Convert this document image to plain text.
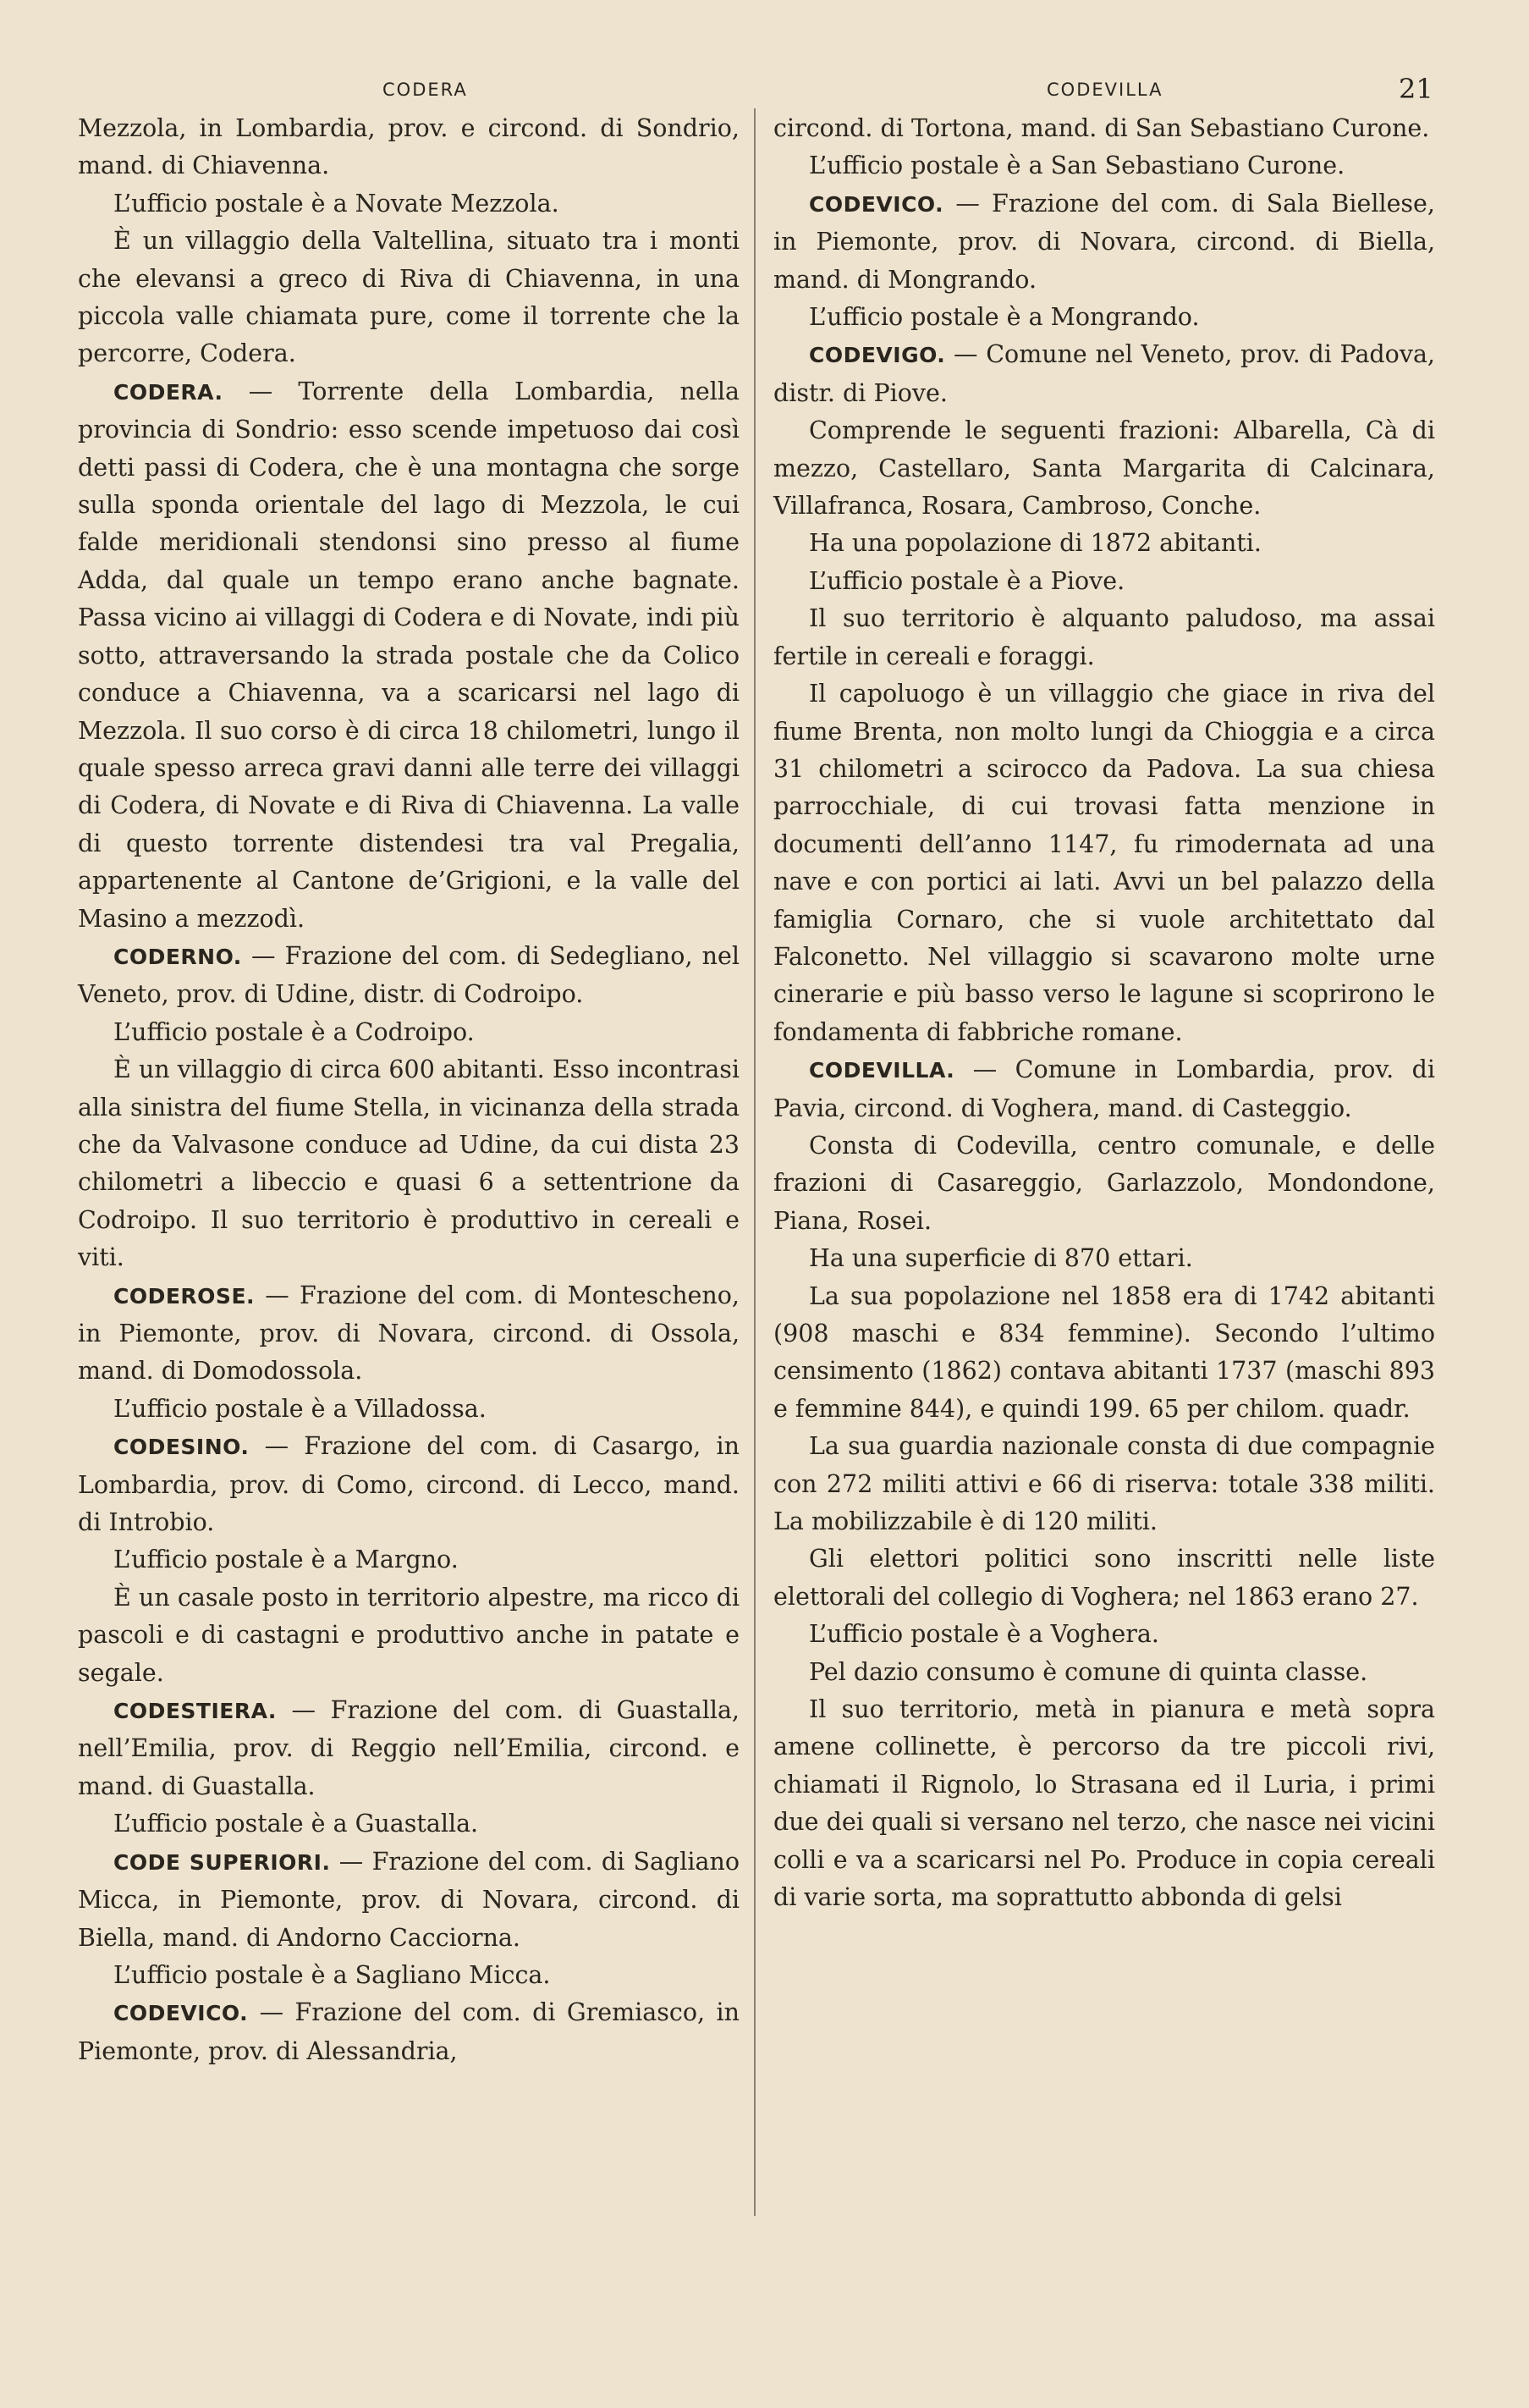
CODERA	CODEVILLA	21

Mezzola, in Lombardia, prov. e circond. di Sondrio, mand. di Chiavenna.

L’ufficio postale è a Novate Mezzola.

È un villaggio della Valtellina, situato tra i monti che elevansi a greco di Riva di Chiavenna, in una piccola valle chiamata pure, come il torrente che la percorre, Codera.

CODERA. — Torrente della Lombardia, nella provincia di Sondrio: esso scende impetuoso dai così detti passi di Codera, che è una montagna che sorge sulla sponda orientale del lago di Mezzola, le cui falde meridionali stendonsi sino presso al fiume Adda, dal quale un tempo erano anche bagnate. Passa vicino ai villaggi di Codera e di Novate, indi più sotto, attraversando la strada postale che da Colico conduce a Chiavenna, va a scaricarsi nel lago di Mezzola. Il suo corso è di circa 18 chilometri, lungo il quale spesso arreca gravi danni alle terre dei villaggi di Codera, di Novate e di Riva di Chiavenna. La valle di questo torrente distendesi tra val Pregalia, appartenente al Cantone de’Grigioni, e la valle del Masino a mezzodì.

CODERNO. — Frazione del com. di Sedegliano, nel Veneto, prov. di Udine, distr. di Codroipo.

L’ufficio postale è a Codroipo.

È un villaggio di circa 600 abitanti. Esso incontrasi alla sinistra del fiume Stella, in vicinanza della strada che da Valvasone conduce ad Udine, da cui dista 23 chilometri a libeccio e quasi 6 a settentrione da Codroipo. Il suo territorio è produttivo in cereali e viti.

CODEROSE. — Frazione del com. di Montescheno, in Piemonte, prov. di Novara, circond. di Ossola, mand. di Domodossola.

L’ufficio postale è a Villadossa.

CODESINO. — Frazione del com. di Casargo, in Lombardia, prov. di Como, circond. di Lecco, mand. di Introbio.

L’ufficio postale è a Margno.

È un casale posto in territorio alpestre, ma ricco di pascoli e di castagni e produttivo anche in patate e segale.

CODESTIERA. — Frazione del com. di Guastalla, nell’Emilia, prov. di Reggio nell’Emilia, circond. e mand. di Guastalla.

L’ufficio postale è a Guastalla.

CODE SUPERIORI. — Frazione del com. di Sagliano Micca, in Piemonte, prov. di Novara, circond. di Biella, mand. di Andorno Cacciorna.

L’ufficio postale è a Sagliano Micca.

CODEVICO. — Frazione del com. di Gremiasco, in Piemonte, prov. di Alessandria,

circond. di Tortona, mand. di San Sebastiano Curone.

L’ufficio postale è a San Sebastiano Curone.

CODEVICO. — Frazione del com. di Sala Biellese, in Piemonte, prov. di Novara, circond. di Biella, mand. di Mongrando.

L’ufficio postale è a Mongrando.

CODEVIGO. — Comune nel Veneto, prov. di Padova, distr. di Piove.

Comprende le seguenti frazioni: Albarella, Cà di mezzo, Castellaro, Santa Margarita di Calcinara, Villafranca, Rosara, Cambroso, Conche.

Ha una popolazione di 1872 abitanti.

L’ufficio postale è a Piove.

Il suo territorio è alquanto paludoso, ma assai fertile in cereali e foraggi.

Il capoluogo è un villaggio che giace in riva del fiume Brenta, non molto lungi da Chioggia e a circa 31 chilometri a scirocco da Padova. La sua chiesa parrocchiale, di cui trovasi fatta menzione in documenti dell’anno 1147, fu rimodernata ad una nave e con portici ai lati. Avvi un bel palazzo della famiglia Cornaro, che si vuole architettato dal Falconetto. Nel villaggio si scavarono molte urne cinerarie e più basso verso le lagune si scoprirono le fondamenta di fabbriche romane.

CODEVILLA. — Comune in Lombardia, prov. di Pavia, circond. di Voghera, mand. di Casteggio.

Consta di Codevilla, centro comunale, e delle frazioni di Casareggio, Garlazzolo, Mondondone, Piana, Rosei.

Ha una superficie di 870 ettari.

La sua popolazione nel 1858 era di 1742 abitanti (908 maschi e 834 femmine). Secondo l’ultimo censimento (1862) contava abitanti 1737 (maschi 893 e femmine 844), e quindi 199. 65 per chilom. quadr.

La sua guardia nazionale consta di due compagnie con 272 militi attivi e 66 di riserva: totale 338 militi. La mobilizzabile è di 120 militi.

Gli elettori politici sono inscritti nelle liste elettorali del collegio di Voghera; nel 1863 erano 27.

L’ufficio postale è a Voghera.

Pel dazio consumo è comune di quinta classe.

Il suo territorio, metà in pianura e metà sopra amene collinette, è percorso da tre piccoli rivi, chiamati il Rignolo, lo Strasana ed il Luria, i primi due dei quali si versano nel terzo, che nasce nei vicini colli e va a scaricarsi nel Po. Produce in copia cereali di varie sorta, ma soprattutto abbonda di gelsi
